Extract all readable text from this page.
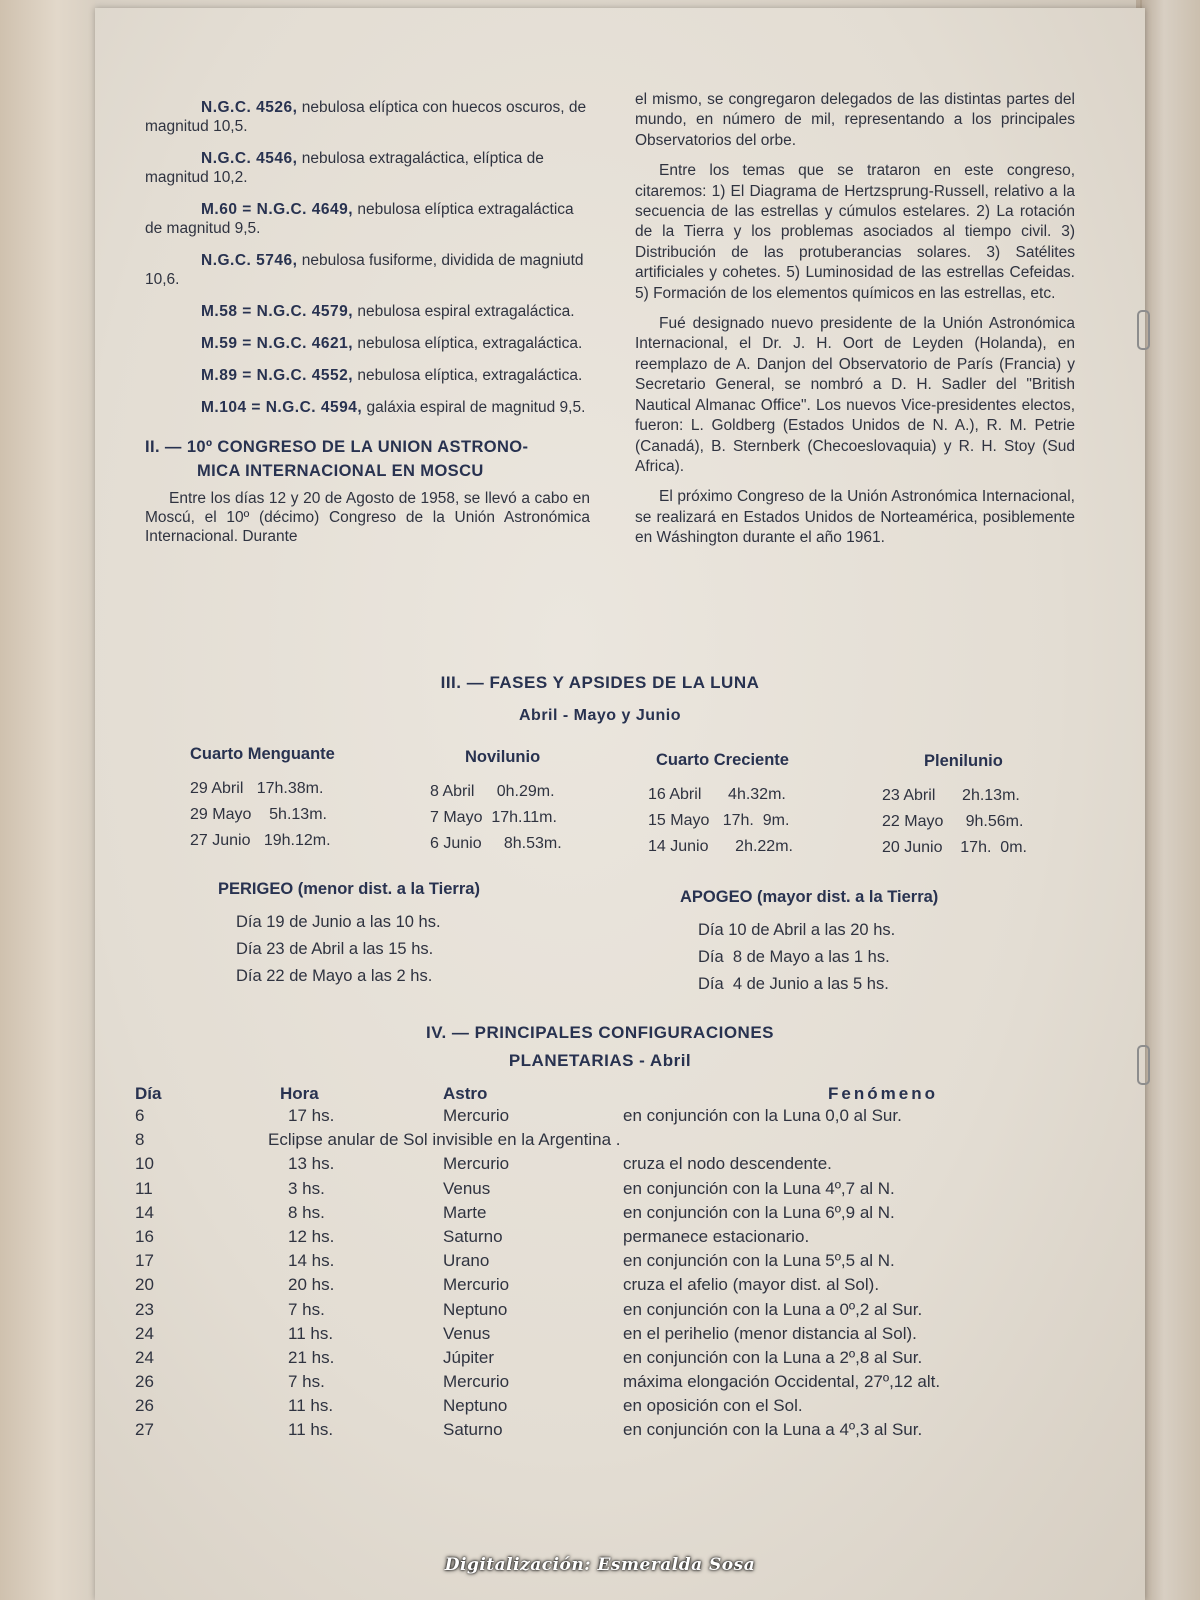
N.G.C. 4526, nebulosa elíptica con huecos oscuros, de magnitud 10,5.

N.G.C. 4546, nebulosa extragaláctica, elíptica de magnitud 10,2.

M.60 = N.G.C. 4649, nebulosa elíptica extragaláctica de magnitud 9,5.

N.G.C. 5746, nebulosa fusiforme, dividida de magniutd 10,6.

M.58 = N.G.C. 4579, nebulosa espiral extragaláctica.

M.59 = N.G.C. 4621, nebulosa elíptica, extragaláctica.

M.89 = N.G.C. 4552, nebulosa elíptica, extragaláctica.

M.104 = N.G.C. 4594, galáxia espiral de magnitud 9,5.

II. — 10º CONGRESO DE LA UNION ASTRONO-
MICA INTERNACIONAL EN MOSCU

Entre los días 12 y 20 de Agosto de 1958, se llevó a cabo en Moscú, el 10º (décimo) Congreso de la Unión Astronómica Internacional. Durante

el mismo, se congregaron delegados de las distintas partes del mundo, en número de mil, representando a los principales Observatorios del orbe.

Entre los temas que se trataron en este congreso, citaremos: 1) El Diagrama de Hertzsprung-Russell, relativo a la secuencia de las estrellas y cúmulos estelares. 2) La rotación de la Tierra y los problemas asociados al tiempo civil. 3) Distribución de las protuberancias solares. 3) Satélites artificiales y cohetes. 5) Luminosidad de las estrellas Cefeidas. 5) Formación de los elementos químicos en las estrellas, etc.

Fué designado nuevo presidente de la Unión Astronómica Internacional, el Dr. J. H. Oort de Leyden (Holanda), en reemplazo de A. Danjon del Observatorio de París (Francia) y Secretario General, se nombró a D. H. Sadler del "British Nautical Almanac Office". Los nuevos Vice-presidentes electos, fueron: L. Goldberg (Estados Unidos de N. A.), R. M. Petrie (Canadá), B. Sternberk (Checoeslovaquia) y R. H. Stoy (Sud Africa).

El próximo Congreso de la Unión Astronómica Internacional, se realizará en Estados Unidos de Norteamérica, posiblemente en Wáshington durante el año 1961.

III. — FASES Y APSIDES DE LA LUNA
Abril - Mayo y Junio
Cuarto Menguante
29 Abril   17h.38m.
29 Mayo    5h.13m.
27 Junio   19h.12m.
Novilunio
8 Abril     0h.29m.
7 Mayo  17h.11m.
6 Junio     8h.53m.
Cuarto Creciente
16 Abril      4h.32m.
15 Mayo   17h.  9m.
14 Junio      2h.22m.
Plenilunio
23 Abril      2h.13m.
22 Mayo     9h.56m.
20 Junio    17h.  0m.
PERIGEO (menor dist. a la Tierra)
Día 19 de Junio a las 10 hs.
Día 23 de Abril a las 15 hs.
Día 22 de Mayo a las 2 hs.
APOGEO (mayor dist. a la Tierra)
Día 10 de Abril a las 20 hs.
Día  8 de Mayo a las 1 hs.
Día  4 de Junio a las 5 hs.
IV. — PRINCIPALES CONFIGURACIONES
PLANETARIAS - Abril
Día	Hora	Astro	Fenómeno
6	17 hs.	Mercurio	en conjunción con la Luna 0,0 al Sur.
8	Eclipse anular de Sol invisible en la Argentina .		
10	13 hs.	Mercurio	cruza el nodo descendente.
11	3 hs.	Venus	en conjunción con la Luna 4º,7 al N.
14	8 hs.	Marte	en conjunción con la Luna 6º,9 al N.
16	12 hs.	Saturno	permanece estacionario.
17	14 hs.	Urano	en conjunción con la Luna 5º,5 al N.
20	20 hs.	Mercurio	cruza el afelio (mayor dist. al Sol).
23	7 hs.	Neptuno	en conjunción con la Luna a 0º,2 al Sur.
24	11 hs.	Venus	en el perihelio (menor distancia al Sol).
24	21 hs.	Júpiter	en conjunción con la Luna a 2º,8 al Sur.
26	7 hs.	Mercurio	máxima elongación Occidental, 27º,12 alt.
26	11 hs.	Neptuno	en oposición con el Sol.
27	11 hs.	Saturno	en conjunción con la Luna a 4º,3 al Sur.
Digitalización: Esmeralda Sosa
